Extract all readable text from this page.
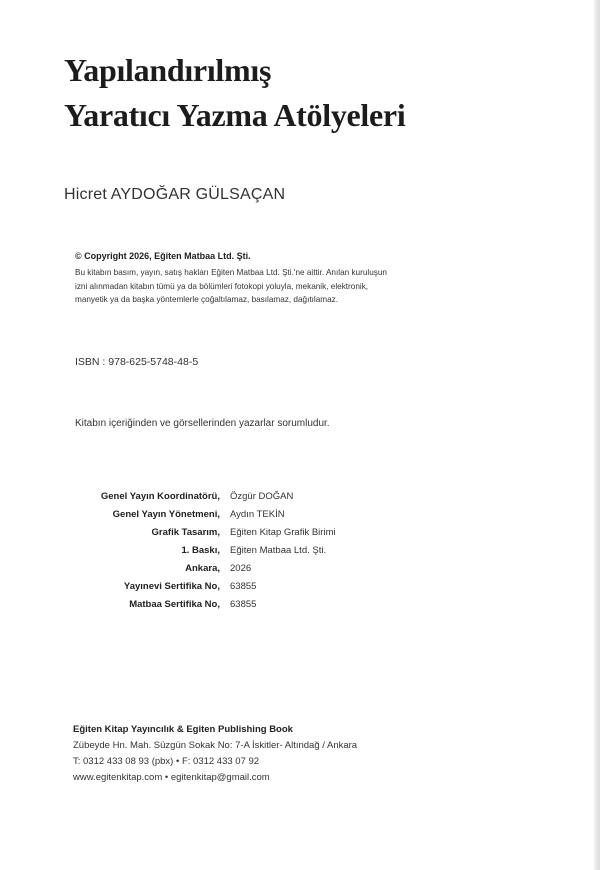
Yapılandırılmış
Yaratıcı Yazma Atölyeleri
Hicret AYDOĞAR GÜLSAÇAN
© Copyright 2026, Eğiten Matbaa Ltd. Şti.
Bu kitabın basım, yayın, satış hakları Eğiten Matbaa Ltd. Şti.'ne aittir. Anılan kuruluşun
izni alınmadan kitabın tümü ya da bölümleri fotokopi yoluyla, mekanik, elektronik,
manyetik ya da başka yöntemlerle çoğaltılamaz, basılamaz, dağıtılamaz.
ISBN : 978-625-5748-48-5
Kitabın içeriğinden ve görsellerinden yazarlar sorumludur.
Genel Yayın Koordinatörü, Özgür DOĞAN
Genel Yayın Yönetmeni, Aydın TEKİN
Grafik Tasarım, Eğiten Kitap Grafik Birimi
1. Baskı, Eğiten Matbaa Ltd. Şti.
Ankara, 2026
Yayınevi Sertifika No, 63855
Matbaa Sertifika No, 63855
Eğiten Kitap Yayıncılık & Egiten Publishing Book
Zübeyde Hn. Mah. Süzgün Sokak No: 7-A İskitler- Altındağ / Ankara
T: 0312 433 08 93 (pbx) • F: 0312 433 07 92
www.egitenkitap.com • egitenkitap@gmail.com
